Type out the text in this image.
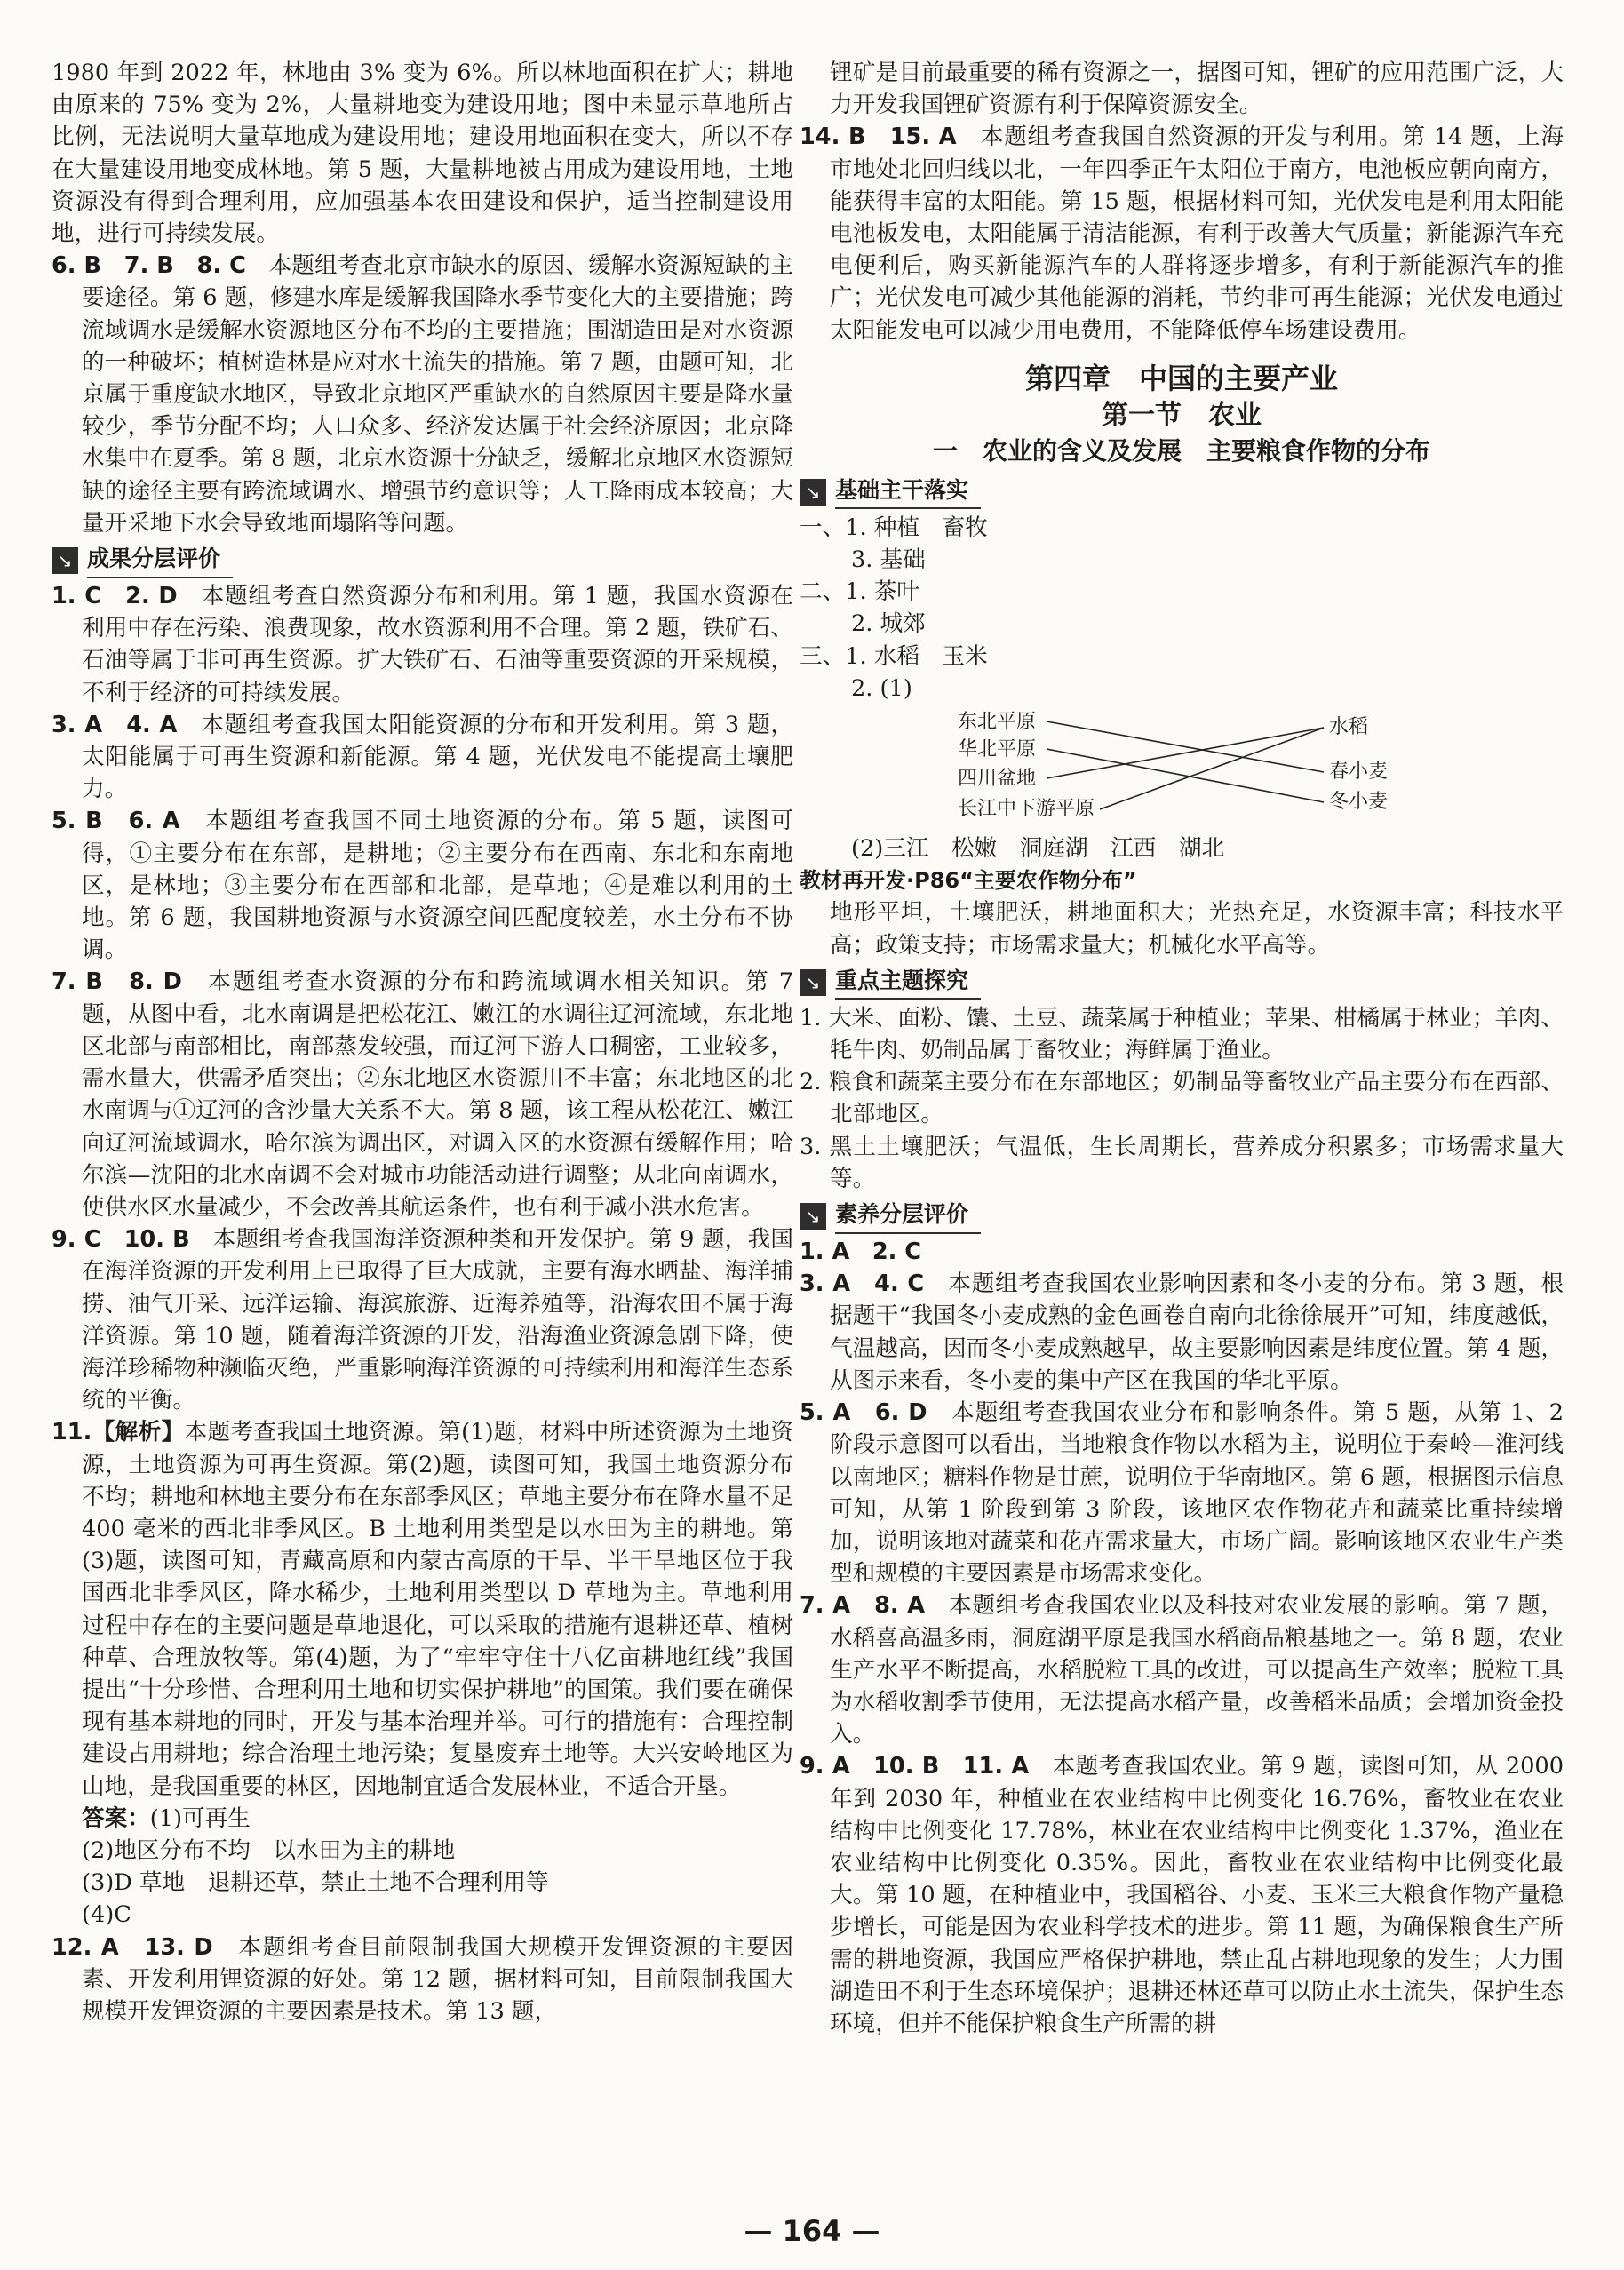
1980 年到 2022 年，林地由 3% 变为 6%。所以林地面积在扩大；耕地由原来的 75% 变为 2%，大量耕地变为建设用地；图中未显示草地所占比例，无法说明大量草地成为建设用地；建设用地面积在变大，所以不存在大量建设用地变成林地。第 5 题，大量耕地被占用成为建设用地，土地资源没有得到合理利用，应加强基本农田建设和保护，适当控制建设用地，进行可持续发展。

6. B　7. B　8. C　 本题组考查北京市缺水的原因、缓解水资源短缺的主要途径。第 6 题，修建水库是缓解我国降水季节变化大的主要措施；跨流域调水是缓解水资源地区分布不均的主要措施；围湖造田是对水资源的一种破坏；植树造林是应对水土流失的措施。第 7 题，由题可知，北京属于重度缺水地区，导致北京地区严重缺水的自然原因主要是降水量较少，季节分配不均；人口众多、经济发达属于社会经济原因；北京降水集中在夏季。第 8 题，北京水资源十分缺乏，缓解北京地区水资源短缺的途径主要有跨流域调水、增强节约意识等；人工降雨成本较高；大量开采地下水会导致地面塌陷等问题。

↘ 成果分层评价

1. C　2. D　 本题组考查自然资源分布和利用。第 1 题，我国水资源在利用中存在污染、浪费现象，故水资源利用不合理。第 2 题，铁矿石、石油等属于非可再生资源。扩大铁矿石、石油等重要资源的开采规模，不利于经济的可持续发展。

3. A　4. A　 本题组考查我国太阳能资源的分布和开发利用。第 3 题，太阳能属于可再生资源和新能源。第 4 题，光伏发电不能提高土壤肥力。

5. B　6. A　 本题组考查我国不同土地资源的分布。第 5 题，读图可得，①主要分布在东部，是耕地；②主要分布在西南、东北和东南地区，是林地；③主要分布在西部和北部，是草地；④是难以利用的土地。第 6 题，我国耕地资源与水资源空间匹配度较差，水土分布不协调。

7. B　8. D　 本题组考查水资源的分布和跨流域调水相关知识。第 7 题，从图中看，北水南调是把松花江、嫩江的水调往辽河流域，东北地区北部与南部相比，南部蒸发较强，而辽河下游人口稠密，工业较多，需水量大，供需矛盾突出；②东北地区水资源川不丰富；东北地区的北水南调与①辽河的含沙量大关系不大。第 8 题，该工程从松花江、嫩江向辽河流域调水，哈尔滨为调出区，对调入区的水资源有缓解作用；哈尔滨—沈阳的北水南调不会对城市功能活动进行调整；从北向南调水，使供水区水量减少，不会改善其航运条件，也有利于减小洪水危害。

9. C　10. B　 本题组考查我国海洋资源种类和开发保护。第 9 题，我国在海洋资源的开发利用上已取得了巨大成就，主要有海水晒盐、海洋捕捞、油气开采、远洋运输、海滨旅游、近海养殖等，沿海农田不属于海洋资源。第 10 题，随着海洋资源的开发，沿海渔业资源急剧下降，使海洋珍稀物种濒临灭绝，严重影响海洋资源的可持续利用和海洋生态系统的平衡。

11.【解析】本题考查我国土地资源。第(1)题，材料中所述资源为土地资源，土地资源为可再生资源。第(2)题，读图可知，我国土地资源分布不均；耕地和林地主要分布在东部季风区；草地主要分布在降水量不足 400 毫米的西北非季风区。B 土地利用类型是以水田为主的耕地。第(3)题，读图可知，青藏高原和内蒙古高原的干旱、半干旱地区位于我国西北非季风区，降水稀少，土地利用类型以 D 草地为主。草地利用过程中存在的主要问题是草地退化，可以采取的措施有退耕还草、植树种草、合理放牧等。第(4)题，为了“牢牢守住十八亿亩耕地红线”我国提出“十分珍惜、合理利用土地和切实保护耕地”的国策。我们要在确保现有基本耕地的同时，开发与基本治理并举。可行的措施有：合理控制建设占用耕地；综合治理土地污染；复垦废弃土地等。大兴安岭地区为山地，是我国重要的林区，因地制宜适合发展林业，不适合开垦。

答案：(1)可再生

(2)地区分布不均　以水田为主的耕地

(3)D 草地　退耕还草，禁止土地不合理利用等

(4)C

12. A　13. D　 本题组考查目前限制我国大规模开发锂资源的主要因素、开发利用锂资源的好处。第 12 题，据材料可知，目前限制我国大规模开发锂资源的主要因素是技术。第 13 题，

锂矿是目前最重要的稀有资源之一，据图可知，锂矿的应用范围广泛，大力开发我国锂矿资源有利于保障资源安全。

14. B　15. A　 本题组考查我国自然资源的开发与利用。第 14 题，上海市地处北回归线以北，一年四季正午太阳位于南方，电池板应朝向南方，能获得丰富的太阳能。第 15 题，根据材料可知，光伏发电是利用太阳能电池板发电，太阳能属于清洁能源，有利于改善大气质量；新能源汽车充电便利后，购买新能源汽车的人群将逐步增多，有利于新能源汽车的推广；光伏发电可减少其他能源的消耗，节约非可再生能源；光伏发电通过太阳能发电可以减少用电费用，不能降低停车场建设费用。

第四章　中国的主要产业
第一节　农业
一　农业的含义及发展　主要粮食作物的分布
↘ 基础主干落实

一、1. 种植　畜牧

3. 基础

二、1. 茶叶

2. 城郊

三、1. 水稻　玉米

2. (1)

东北平原
华北平原
四川盆地
长江中下游平原
水稻
春小麦
冬小麦

(2)三江　松嫩　洞庭湖　江西　湖北

教材再开发·P86“主要农作物分布”

地形平坦，土壤肥沃，耕地面积大；光热充足，水资源丰富；科技水平高；政策支持；市场需求量大；机械化水平高等。

↘ 重点主题探究

1. 大米、面粉、馕、土豆、蔬菜属于种植业；苹果、柑橘属于林业；羊肉、牦牛肉、奶制品属于畜牧业；海鲜属于渔业。

2. 粮食和蔬菜主要分布在东部地区；奶制品等畜牧业产品主要分布在西部、北部地区。

3. 黑土土壤肥沃；气温低，生长周期长，营养成分积累多；市场需求量大等。

↘ 素养分层评价

1. A　2. C

3. A　4. C　 本题组考查我国农业影响因素和冬小麦的分布。第 3 题，根据题干“我国冬小麦成熟的金色画卷自南向北徐徐展开”可知，纬度越低，气温越高，因而冬小麦成熟越早，故主要影响因素是纬度位置。第 4 题，从图示来看，冬小麦的集中产区在我国的华北平原。

5. A　6. D　 本题组考查我国农业分布和影响条件。第 5 题，从第 1、2 阶段示意图可以看出，当地粮食作物以水稻为主，说明位于秦岭—淮河线以南地区；糖料作物是甘蔗，说明位于华南地区。第 6 题，根据图示信息可知，从第 1 阶段到第 3 阶段，该地区农作物花卉和蔬菜比重持续增加，说明该地对蔬菜和花卉需求量大，市场广阔。影响该地区农业生产类型和规模的主要因素是市场需求变化。

7. A　8. A　 本题组考查我国农业以及科技对农业发展的影响。第 7 题，水稻喜高温多雨，洞庭湖平原是我国水稻商品粮基地之一。第 8 题，农业生产水平不断提高，水稻脱粒工具的改进，可以提高生产效率；脱粒工具为水稻收割季节使用，无法提高水稻产量，改善稻米品质；会增加资金投入。

9. A　10. B　11. A　 本题考查我国农业。第 9 题，读图可知，从 2000 年到 2030 年，种植业在农业结构中比例变化 16.76%，畜牧业在农业结构中比例变化 17.78%，林业在农业结构中比例变化 1.37%，渔业在农业结构中比例变化 0.35%。因此，畜牧业在农业结构中比例变化最大。第 10 题，在种植业中，我国稻谷、小麦、玉米三大粮食作物产量稳步增长，可能是因为农业科学技术的进步。第 11 题，为确保粮食生产所需的耕地资源，我国应严格保护耕地，禁止乱占耕地现象的发生；大力围湖造田不利于生态环境保护；退耕还林还草可以防止水土流失，保护生态环境，但并不能保护粮食生产所需的耕

— 164 —
